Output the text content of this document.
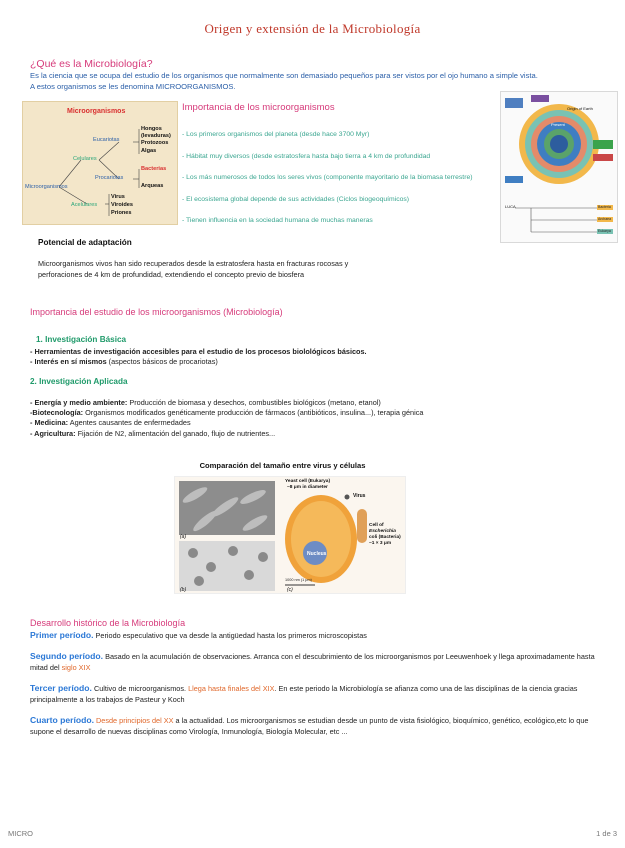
Origen y extensión de la Microbiología
¿Qué es la Microbiología?
Es la ciencia que se ocupa del estudio de los organismos que normalmente son demasiado pequeños para ser vistos por el ojo humano a simple vista.
A estos organismos se les denomina MICROORGANISMOS.
Microorganismos
Eucariotas
Celulares
Procariotas
Microorganismos
Acelulares
Hongos
(levaduras)
Protozoos
Algas
Bacterias
Arqueas
Virus
Viroides
Priones
Importancia de los microorganismos
- Los primeros organismos del planeta (desde hace 3700 Myr)
- Hábitat muy diversos (desde estratosfera hasta bajo tierra a 4 km de profundidad
- Los más numerosos de todos los seres vivos (componente mayoritario de la biomasa terrestre)
- El ecosistema global depende de sus actividades (Ciclos biogeoquímicos)
- Tienen influencia en la sociedad humana de muchas maneras
Origin of Earth
Present
LUCA	Bacteria
Archaea
Eukarya
Potencial de adaptación
Microorganismos vivos han sido recuperados desde la estratosfera hasta en fracturas rocosas y perforaciones de 4 km de profundidad, extendiendo el concepto previo de biosfera
Importancia del estudio de los microorganismos (Microbiología)
1. Investigación Básica
- Herramientas de investigación accesibles para el estudio de los procesos biolológicos básicos.
- Interés en sí mismos (aspectos básicos de procariotas)
2. Investigación Aplicada
- Energía y medio ambiente: Producción de biomasa y desechos, combustibles biológicos (metano, etanol)
-Biotecnología: Organismos modificados genéticamente producción de fármacos (antibióticos, insulina...), terapia génica
- Medicina: Agentes causantes de enfermedades
- Agricultura: Fijación de N2, alimentación del ganado, flujo de nutrientes...
Comparación del tamaño entre virus y células
Yeast cell (Eukarya)
~8 μm in diameter
Virus
Cell of
Escherichia
coli (Bacteria)
~1 × 3 μm
Nucleus
1000 nm (1 μm)
(a)
(b)	(c)
Desarrollo histórico de la Microbiología
Primer período. Periodo especulativo que va desde la antigüedad hasta los primeros microscopistas
Segundo período. Basado en la acumulación de observaciones. Arranca con el descubrimiento de los microorganismos por Leeuwenhoek y llega aproximadamente hasta mitad del siglo XIX
Tercer período. Cultivo de microorganismos. Llega hasta finales del XIX. En este periodo la Microbiología se afianza como una de las disciplinas de la ciencia gracias principalmente a los trabajos de Pasteur y Koch
Cuarto período. Desde principios del XX a la actualidad. Los microorganismos se estudian desde un punto de vista fisiológico, bioquímico, genético, ecológico,etc lo que supone el desarrollo de nuevas disciplinas como Virología, Inmunología, Biología Molecular, etc ...
MICRO	1 de 3
